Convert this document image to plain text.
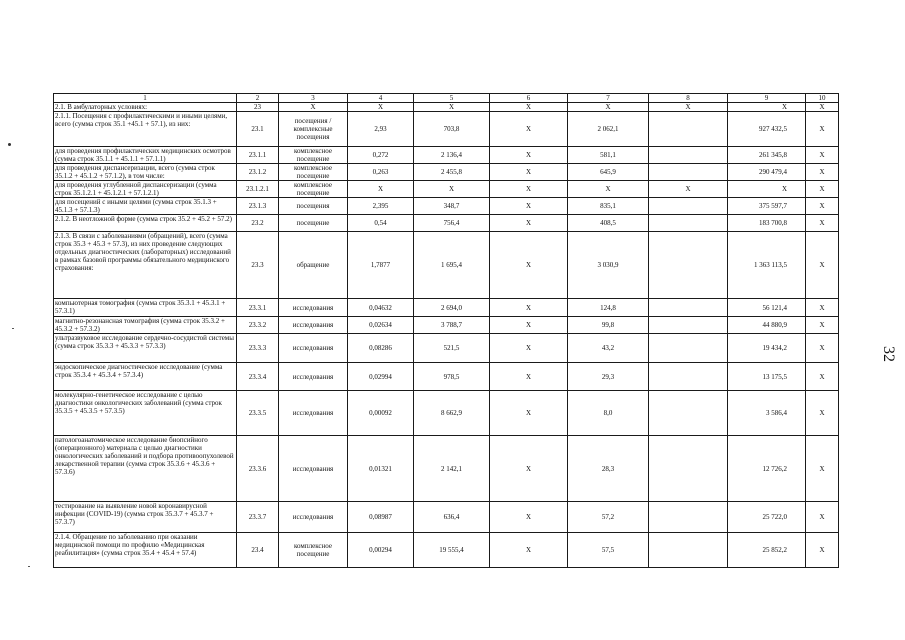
1	2	3	4	5	6	7	8	9	10
2.1. В амбулаторных условиях:	23	X	X	X	X	X	X	X	X
2.1.1. Посещения с профилактическими и иными целями, всего (сумма строк 35.1 +45.1 + 57.1), из них:	23.1	посещения / комплексные посещения	2,93	703,8	X	2 062,1		927 432,5	X
для проведения профилактических медицинских осмотров (сумма строк 35.1.1 + 45.1.1 + 57.1.1)	23.1.1	комплексное посещение	0,272	2 136,4	X	581,1		261 345,8	X
для проведения диспансеризации, всего (сумма строк 35.1.2 + 45.1.2 + 57.1.2), в том числе:	23.1.2	комплексное посещение	0,263	2 455,8	X	645,9		290 479,4	X
для проведения углубленной диспансеризации (сумма строк 35.1.2.1 + 45.1.2.1 + 57.1.2.1)	23.1.2.1	комплексное посещение	X	X	X	X	X	X	X
для посещений с иными целями (сумма строк 35.1.3 + 45.1.3 + 57.1.3)	23.1.3	посещения	2,395	348,7	X	835,1		375 597,7	X
2.1.2. В неотложной форме (сумма строк 35.2 + 45.2 + 57.2)	23.2	посещение	0,54	756,4	X	408,5		183 700,8	X
2.1.3. В связи с заболеваниями (обращений), всего (сумма строк 35.3 + 45.3 + 57.3), из них проведение следующих отдельных диагностических (лабораторных) исследований в рамках базовой программы обязательного медицинского страхования:	23.3	обращение	1,7877	1 695,4	X	3 030,9		1 363 113,5	X
компьютерная томография (сумма строк 35.3.1 + 45.3.1 + 57.3.1)	23.3.1	исследования	0,04632	2 694,0	X	124,8		56 121,4	X
магнитно-резонансная томография (сумма строк 35.3.2 + 45.3.2 + 57.3.2)	23.3.2	исследования	0,02634	3 788,7	X	99,8		44 880,9	X
ультразвуковое исследование сердечно-сосудистой системы (сумма строк 35.3.3 + 45.3.3 + 57.3.3)	23.3.3	исследования	0,08286	521,5	X	43,2		19 434,2	X
эндоскопическое диагностическое исследование (сумма строк 35.3.4 + 45.3.4 + 57.3.4)	23.3.4	исследования	0,02994	978,5	X	29,3		13 175,5	X
молекулярно-генетическое исследование с целью диагностики онкологических заболеваний (сумма строк 35.3.5 + 45.3.5 + 57.3.5)	23.3.5	исследования	0,00092	8 662,9	X	8,0		3 586,4	X
патологоанатомическое исследование биопсийного (операционного) материала с целью диагностики онкологических заболеваний и подбора противоопухолевой лекарственной терапии (сумма строк 35.3.6 + 45.3.6 + 57.3.6)	23.3.6	исследования	0,01321	2 142,1	X	28,3		12 726,2	X
тестирование на выявление новой коронавирусной инфекции (COVID-19) (сумма строк 35.3.7 + 45.3.7 + 57.3.7)	23.3.7	исследования	0,08987	636,4	X	57,2		25 722,0	X
2.1.4. Обращение по заболеванию при оказании медицинской помощи по профилю «Медицинская реабилитация» (сумма строк 35.4 + 45.4 + 57.4)	23.4	комплексное посещение	0,00294	19 555,4	X	57,5		25 852,2	X
32
